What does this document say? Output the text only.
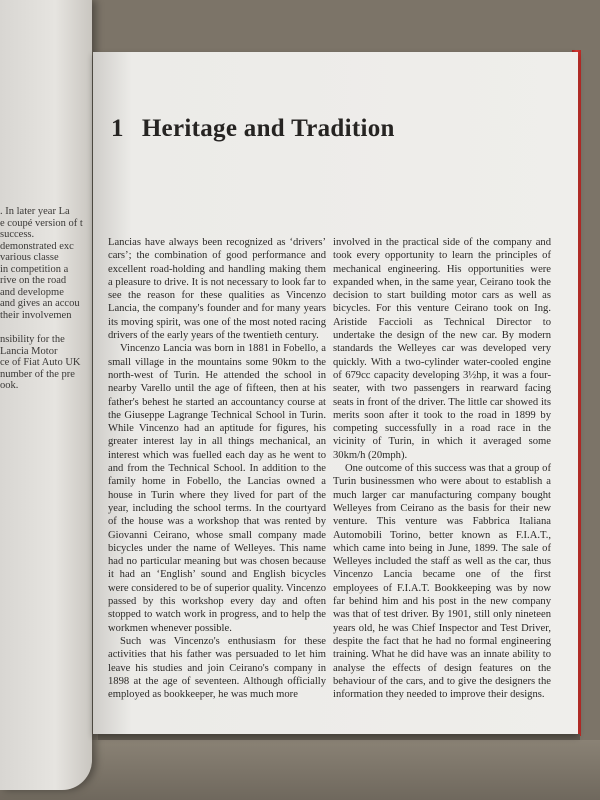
. In later year La

e coupé version of t

success.

demonstrated exc

various classe

in competition a

rive on the road

and developme

and gives an accou

their involvemen

nsibility for the

Lancia Motor

ce of Fiat Auto UK

number of the pre

ook.

1 Heritage and Tradition

Lancias have always been recognized as ‘drivers’ cars’; the combination of good performance and excellent road-holding and handling making them a pleasure to drive. It is not necessary to look far to see the reason for these qualities as Vincenzo Lancia, the company's founder and for many years its moving spirit, was one of the most noted racing drivers of the early years of the twentieth century.

Vincenzo Lancia was born in 1881 in Fobello, a small village in the mountains some 90km to the north-west of Turin. He attended the school in nearby Varello until the age of fifteen, then at his father's behest he started an accountancy course at the Giuseppe Lagrange Technical School in Turin. While Vincenzo had an aptitude for figures, his greater interest lay in all things mechanical, an interest which was fuelled each day as he went to and from the Technical School. In addition to the family home in Fobello, the Lancias owned a house in Turin where they lived for part of the year, including the school terms. In the courtyard of the house was a workshop that was rented by Giovanni Ceirano, whose small company made bicycles under the name of Welleyes. This name had no particular meaning but was chosen because it had an ‘English’ sound and English bicycles were considered to be of superior quality. Vincenzo passed by this workshop every day and often stopped to watch work in progress, and to help the workmen whenever possible.

Such was Vincenzo's enthusiasm for these activities that his father was persuaded to let him leave his studies and join Ceirano's company in 1898 at the age of seventeen. Although officially employed as bookkeeper, he was much more

involved in the practical side of the company and took every opportunity to learn the principles of mechanical engineering. His opportunities were expanded when, in the same year, Ceirano took the decision to start building motor cars as well as bicycles. For this venture Ceirano took on Ing. Aristide Faccioli as Technical Director to undertake the design of the new car. By modern standards the Welleyes car was developed very quickly. With a two-cylinder water-cooled engine of 679cc capacity developing 3½hp, it was a four-seater, with two passengers in rearward facing seats in front of the driver. The little car showed its merits soon after it took to the road in 1899 by competing successfully in a road race in the vicinity of Turin, in which it averaged some 30km/h (20mph).

One outcome of this success was that a group of Turin businessmen who were about to establish a much larger car manufacturing company bought Welleyes from Ceirano as the basis for their new venture. This venture was Fabbrica Italiana Automobili Torino, better known as F.I.A.T., which came into being in June, 1899. The sale of Welleyes included the staff as well as the car, thus Vincenzo Lancia became one of the first employees of F.I.A.T. Bookkeeping was by now far behind him and his post in the new company was that of test driver. By 1901, still only nineteen years old, he was Chief Inspector and Test Driver, despite the fact that he had no formal engineering training. What he did have was an innate ability to analyse the effects of design features on the behaviour of the cars, and to give the designers the information they needed to improve their designs.
